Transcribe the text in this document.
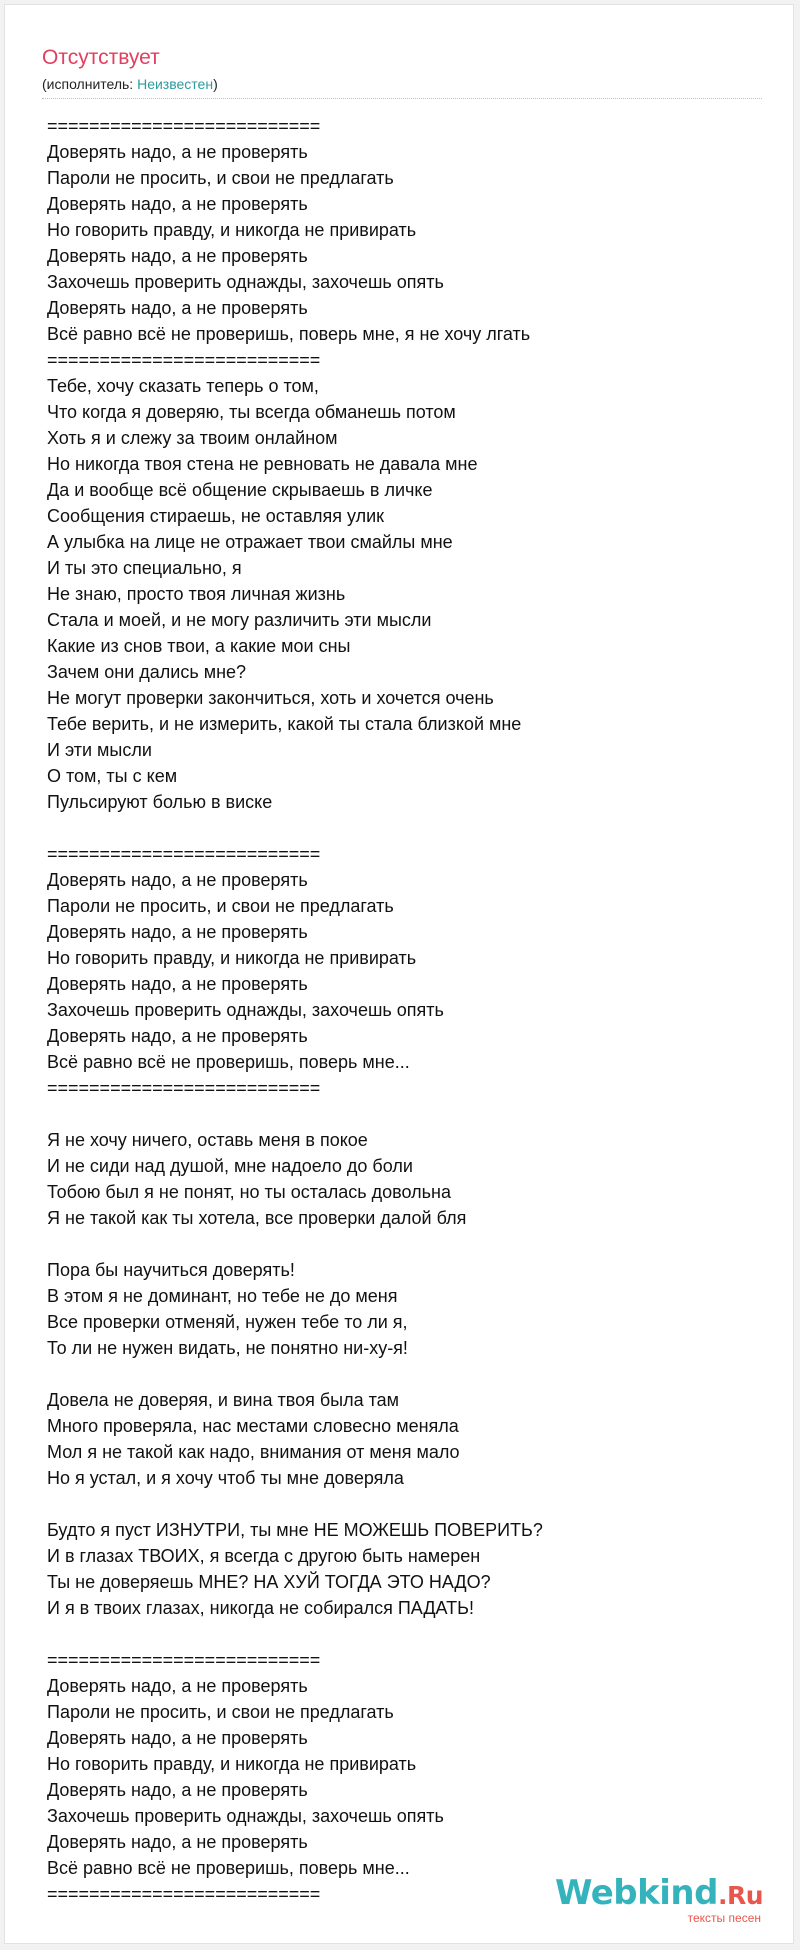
Отсутствует
(исполнитель: Неизвестен)
==========================
Доверять надо, а не проверять
Пароли не просить, и свои не предлагать
Доверять надо, а не проверять
Но говорить правду, и никогда не привирать
Доверять надо, а не проверять
Захочешь проверить однажды, захочешь опять
Доверять надо, а не проверять
Всё равно всё не проверишь, поверь мне, я не хочу лгать
==========================
Тебе, хочу сказать теперь о том,
Что когда я доверяю, ты всегда обманешь потом
Хоть я и слежу за твоим онлайном
Но никогда твоя стена не ревновать не давала мне
Да и вообще всё общение скрываешь в личке
Сообщения стираешь, не оставляя улик
А улыбка на лице не отражает твои смайлы мне
И ты это специально, я
Не знаю, просто твоя личная жизнь
Стала и моей, и не могу различить эти мысли
Какие из снов твои, а какие мои сны
Зачем они дались мне?
Не могут проверки закончиться, хоть и хочется очень
Тебе верить, и не измерить, какой ты стала близкой мне
И эти мысли
О том, ты с кем
Пульсируют болью в виске
==========================
Доверять надо, а не проверять
Пароли не просить, и свои не предлагать
Доверять надо, а не проверять
Но говорить правду, и никогда не привирать
Доверять надо, а не проверять
Захочешь проверить однажды, захочешь опять
Доверять надо, а не проверять
Всё равно всё не проверишь, поверь мне...
==========================
Я не хочу ничего, оставь меня в покое
И не сиди над душой, мне надоело до боли
Тобою был я не понят, но ты осталась довольна
Я не такой как ты хотела, все проверки далой бля
Пора бы научиться доверять!
В этом я не доминант, но тебе не до меня
Все проверки отменяй, нужен тебе то ли я,
То ли не нужен видать, не понятно ни-ху-я!
Довела не доверяя, и вина твоя была там
Много проверяла, нас местами словесно меняла
Мол я не такой как надо, внимания от меня мало
Но я устал, и я хочу чтоб ты мне доверяла
Будто я пуст ИЗНУТРИ, ты мне НЕ МОЖЕШЬ ПОВЕРИТЬ?
И в глазах ТВОИХ, я всегда с другою быть намерен
Ты не доверяешь МНЕ? НА ХУЙ ТОГДА ЭТО НАДО?
И я в твоих глазах, никогда не собирался ПАДАТЬ!
==========================
Доверять надо, а не проверять
Пароли не просить, и свои не предлагать
Доверять надо, а не проверять
Но говорить правду, и никогда не привирать
Доверять надо, а не проверять
Захочешь проверить однажды, захочешь опять
Доверять надо, а не проверять
Всё равно всё не проверишь, поверь мне...
==========================	Webkind.Ru
тексты песен
